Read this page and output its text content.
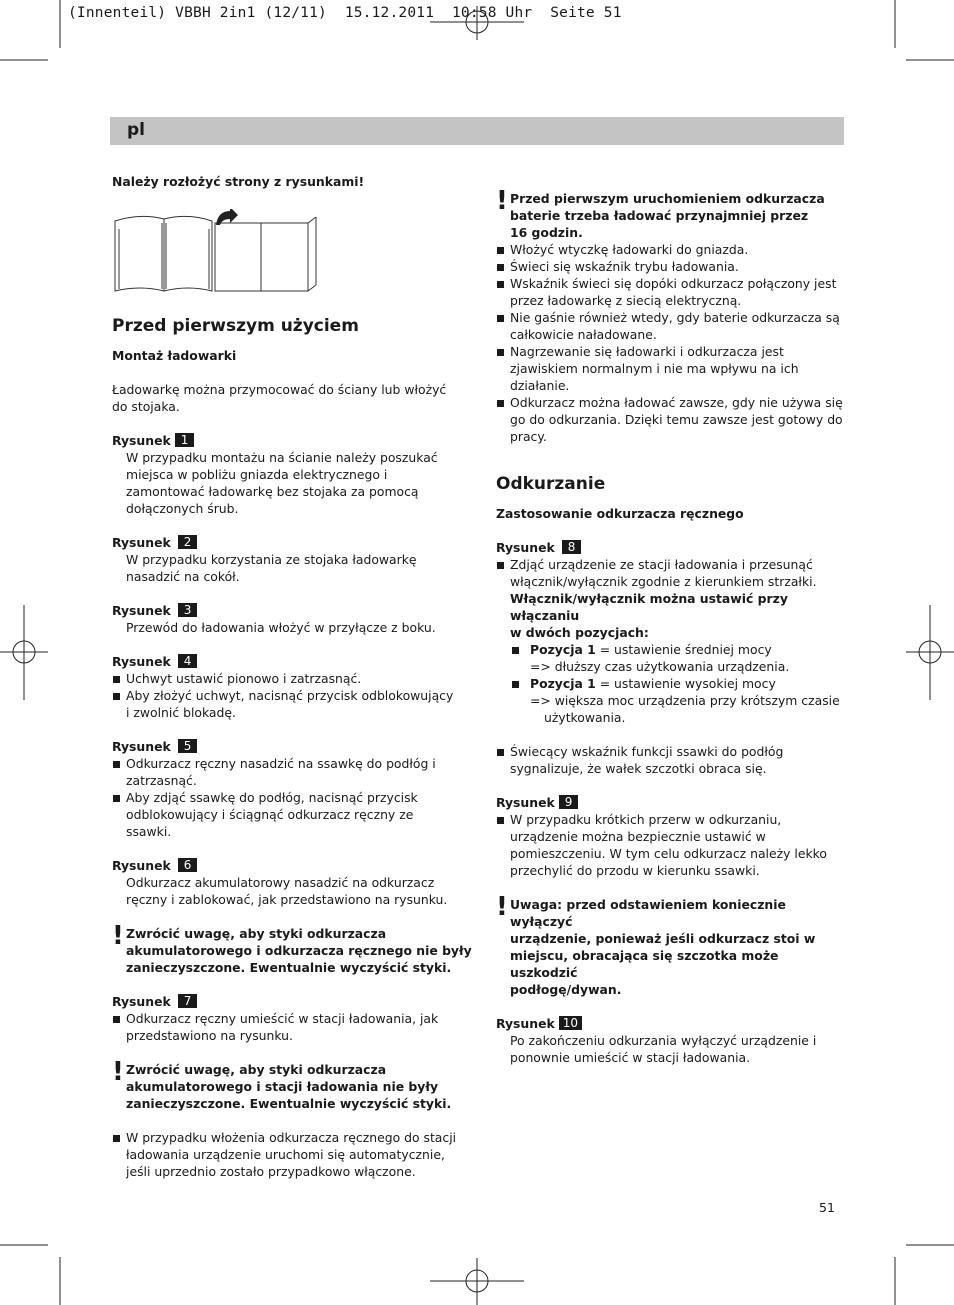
(Innenteil) VBBH 2in1 (12/11)  15.12.2011  10:58 Uhr  Seite 51
pl
Należy rozłożyć strony z rysunkami!
Przed pierwszym użyciem
Montaż ładowarki
Ładowarkę można przymocować do ściany lub włożyć
do stojaka.
Rysunek 1
W przypadku montażu na ścianie należy poszukać
miejsca w pobliżu gniazda elektrycznego i
zamontować ładowarkę bez stojaka za pomocą
dołączonych śrub.
Rysunek 2
W przypadku korzystania ze stojaka ładowarkę
nasadzić na cokół.
Rysunek 3
Przewód do ładowania włożyć w przyłącze z boku.
Rysunek 4
Uchwyt ustawić pionowo i zatrzasnąć.
Aby złożyć uchwyt, nacisnąć przycisk odblokowujący
i zwolnić blokadę.
Rysunek 5
Odkurzacz ręczny nasadzić na ssawkę do podłóg i
zatrzasnąć.
Aby zdjąć ssawkę do podłóg, nacisnąć przycisk
odblokowujący i ściągnąć odkurzacz ręczny ze
ssawki.
Rysunek 6
Odkurzacz akumulatorowy nasadzić na odkurzacz
ręczny i zablokować, jak przedstawiono na rysunku.
! Zwrócić uwagę, aby styki odkurzacza
akumulatorowego i odkurzacza ręcznego nie były
zanieczyszczone. Ewentualnie wyczyścić styki.
Rysunek 7
Odkurzacz ręczny umieścić w stacji ładowania, jak
przedstawiono na rysunku.
! Zwrócić uwagę, aby styki odkurzacza
akumulatorowego i stacji ładowania nie były
zanieczyszczone. Ewentualnie wyczyścić styki.
W przypadku włożenia odkurzacza ręcznego do stacji
ładowania urządzenie uruchomi się automatycznie,
jeśli uprzednio zostało przypadkowo włączone.
! Przed pierwszym uruchomieniem odkurzacza
baterie trzeba ładować przynajmniej przez
16 godzin.
Włożyć wtyczkę ładowarki do gniazda.
Świeci się wskaźnik trybu ładowania.
Wskaźnik świeci się dopóki odkurzacz połączony jest
przez ładowarkę z siecią elektryczną.
Nie gaśnie również wtedy, gdy baterie odkurzacza są
całkowicie naładowane.
Nagrzewanie się ładowarki i odkurzacza jest
zjawiskiem normalnym i nie ma wpływu na ich
działanie.
Odkurzacz można ładować zawsze, gdy nie używa się
go do odkurzania. Dzięki temu zawsze jest gotowy do
pracy.
Odkurzanie
Zastosowanie odkurzacza ręcznego
Rysunek 8
Zdjąć urządzenie ze stacji ładowania i przesunąć
włącznik/wyłącznik zgodnie z kierunkiem strzałki.
Włącznik/wyłącznik można ustawić przy włączaniu
w dwóch pozycjach:
Pozycja 1 = ustawienie średniej mocy
=> dłuższy czas użytkowania urządzenia.
Pozycja 1 = ustawienie wysokiej mocy
=> większa moc urządzenia przy krótszym czasie
użytkowania.
Świecący wskaźnik funkcji ssawki do podłóg
sygnalizuje, że wałek szczotki obraca się.
Rysunek 9
W przypadku krótkich przerw w odkurzaniu,
urządzenie można bezpiecznie ustawić w
pomieszczeniu. W tym celu odkurzacz należy lekko
przechylić do przodu w kierunku ssawki.
! Uwaga: przed odstawieniem koniecznie wyłączyć
urządzenie, ponieważ jeśli odkurzacz stoi w
miejscu, obracająca się szczotka może uszkodzić
podłogę/dywan.
Rysunek 10
Po zakończeniu odkurzania wyłączyć urządzenie i
ponownie umieścić w stacji ładowania.
51
